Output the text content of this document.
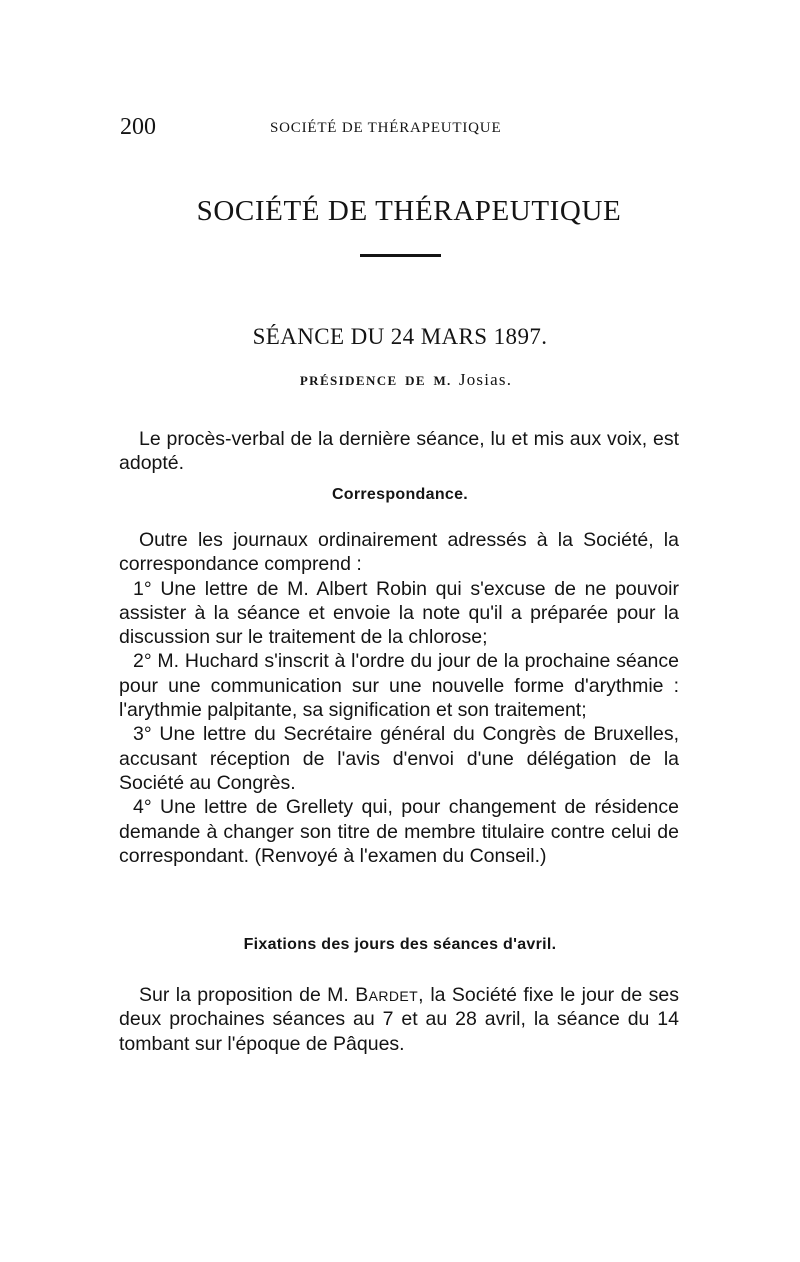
200	SOCIÉTÉ DE THÉRAPEUTIQUE
SOCIÉTÉ DE THÉRAPEUTIQUE
SÉANCE DU 24 MARS 1897.
PRÉSIDENCE DE M. Josias.

Le procès-verbal de la dernière séance, lu et mis aux voix, est adopté.

Correspondance.

Outre les journaux ordinairement adressés à la Société, la correspondance comprend :

1° Une lettre de M. Albert Robin qui s'excuse de ne pouvoir assister à la séance et envoie la note qu'il a préparée pour la discussion sur le traitement de la chlorose;

2° M. Huchard s'inscrit à l'ordre du jour de la prochaine séance pour une communication sur une nouvelle forme d'arythmie : l'arythmie palpitante, sa signification et son traitement;

3° Une lettre du Secrétaire général du Congrès de Bruxelles, accusant réception de l'avis d'envoi d'une délégation de la Société au Congrès.

4° Une lettre de Grellety qui, pour changement de résidence demande à changer son titre de membre titulaire contre celui de correspondant. (Renvoyé à l'examen du Conseil.)

Fixations des jours des séances d'avril.

Sur la proposition de M. Bardet, la Société fixe le jour de ses deux prochaines séances au 7 et au 28 avril, la séance du 14 tombant sur l'époque de Pâques.
